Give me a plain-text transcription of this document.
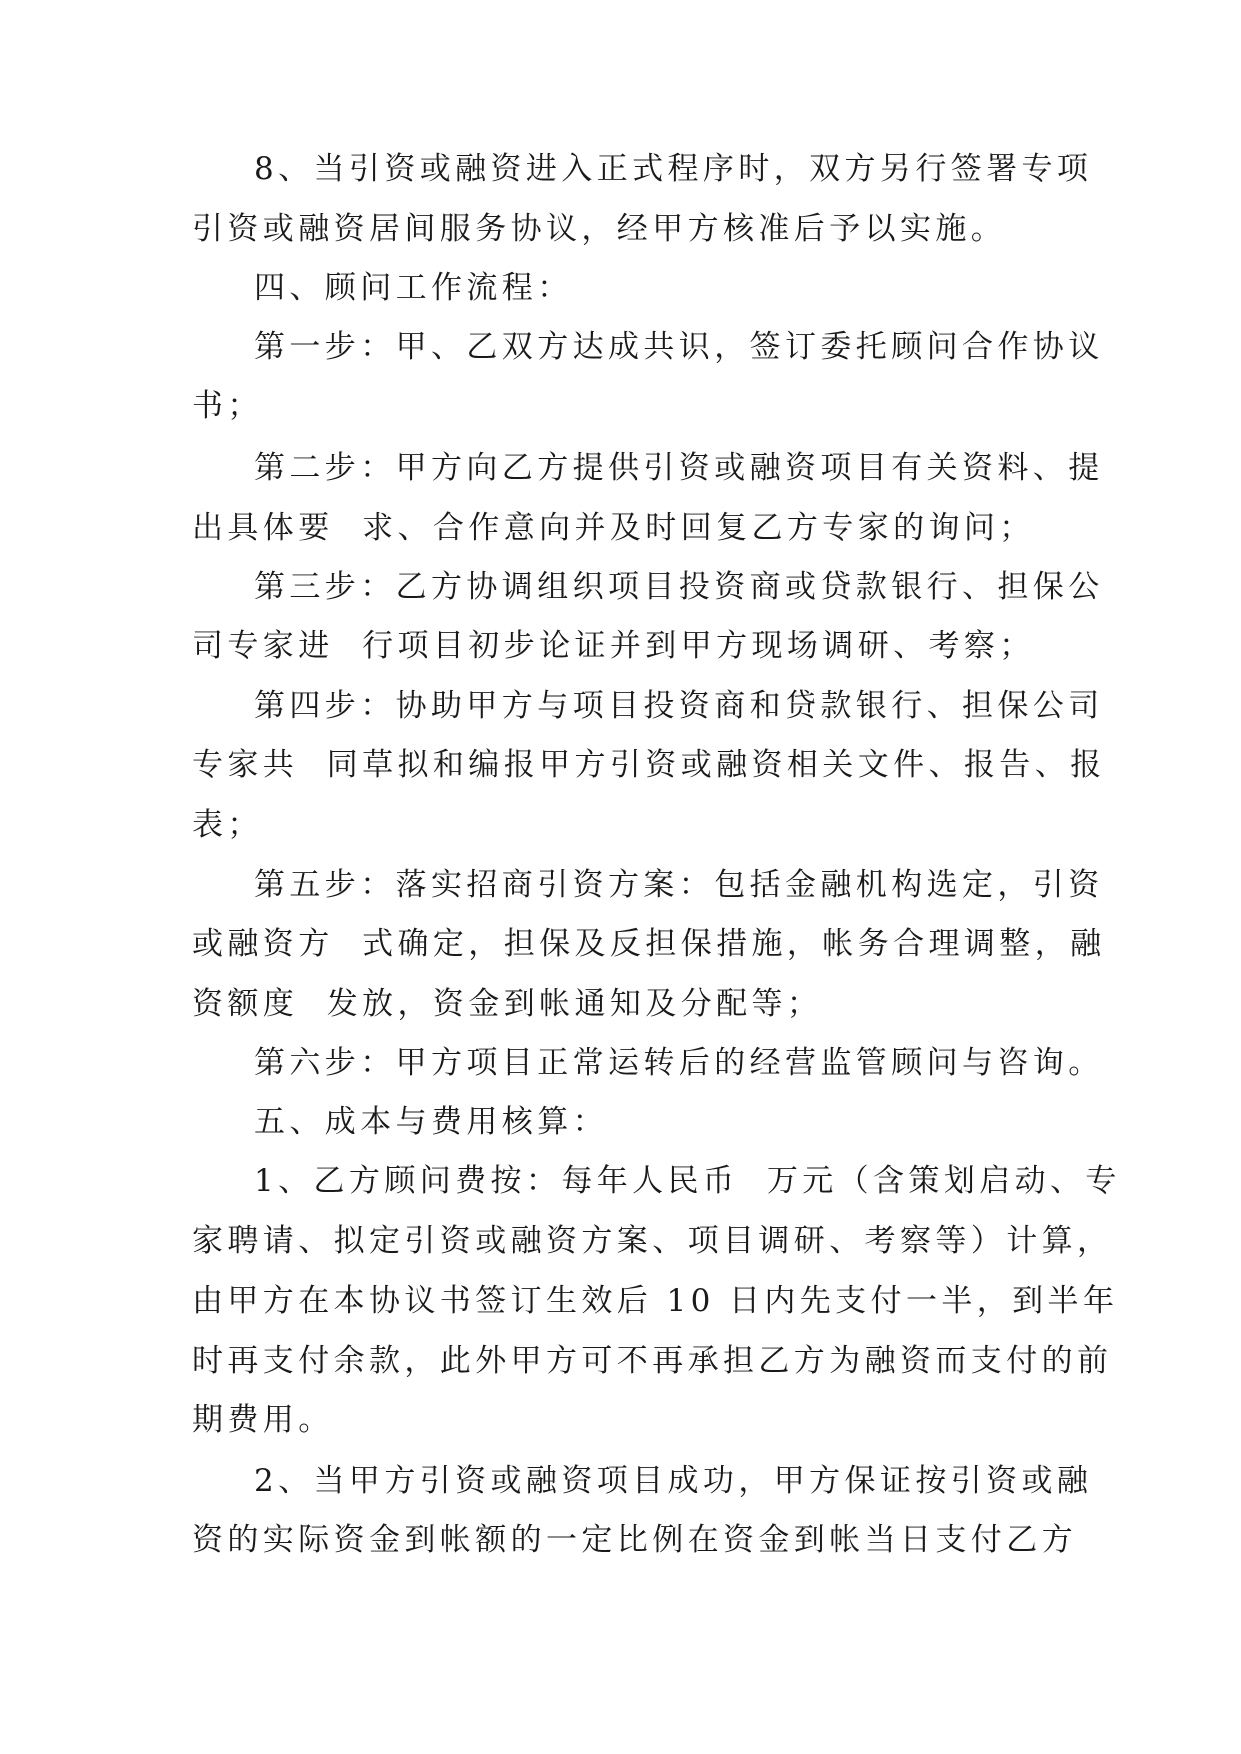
8、当引资或融资进入正式程序时，双方另行签署专项
引资或融资居间服务协议，经甲方核准后予以实施。
四、顾问工作流程：
第一步：甲、乙双方达成共识，签订委托顾问合作协议
书；
第二步：甲方向乙方提供引资或融资项目有关资料、提
出具体要  求、合作意向并及时回复乙方专家的询问；
第三步：乙方协调组织项目投资商或贷款银行、担保公
司专家进  行项目初步论证并到甲方现场调研、考察；
第四步：协助甲方与项目投资商和贷款银行、担保公司
专家共  同草拟和编报甲方引资或融资相关文件、报告、报
表；
第五步：落实招商引资方案：包括金融机构选定，引资
或融资方  式确定，担保及反担保措施，帐务合理调整，融
资额度  发放，资金到帐通知及分配等；
第六步：甲方项目正常运转后的经营监管顾问与咨询。
五、成本与费用核算：
1、乙方顾问费按：每年人民币  万元（含策划启动、专
家聘请、拟定引资或融资方案、项目调研、考察等）计算，
由甲方在本协议书签订生效后 10 日内先支付一半，到半年
时再支付余款，此外甲方可不再承担乙方为融资而支付的前
期费用。
2、当甲方引资或融资项目成功，甲方保证按引资或融
资的实际资金到帐额的一定比例在资金到帐当日支付乙方
